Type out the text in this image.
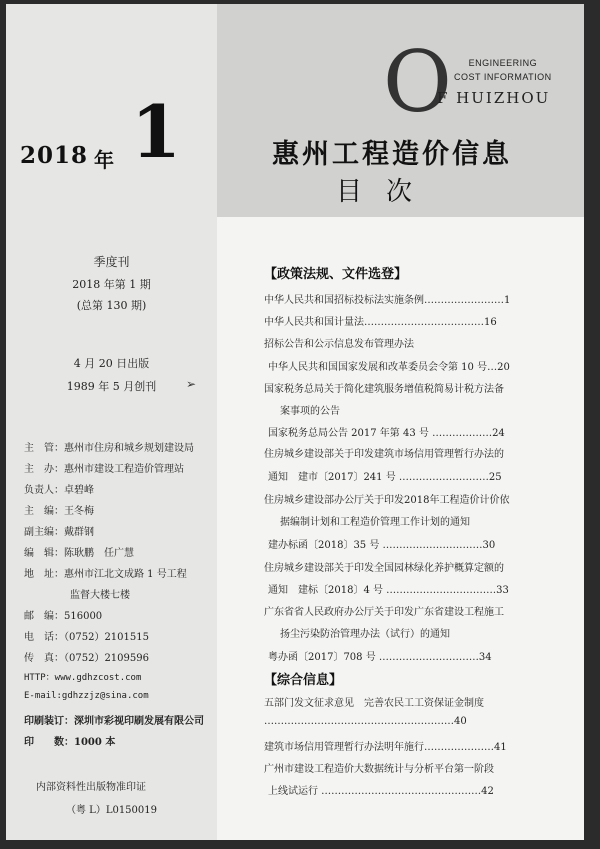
2018 年 1
O	ENGINEERING
COST INFORMATION
F HUIZHOU
惠州工程造价信息
目次
季度刊
2018 年第 1 期
(总第 130 期)
4 月 20 日出版
1989 年 5 月创刊	➢
主　管：惠州市住房和城乡规划建设局
主　办：惠州市建设工程造价管理站
负责人：卓碧峰
主　编：王冬梅
副主编：戴群钢
编　辑：陈耿鹏　任广慧
地　址：惠州市江北文成路 1 号工程
监督大楼七楼
邮　编：516000
电　话：（0752）2101515
传　真：（0752）2109596
HTTP：www.gdhzcost.com
E-mail:gdhzzjz@sina.com
印刷装订：深圳市彩视印刷发展有限公司
印　　数：1000 本
内部资料性出版物准印证
（粤 L）L0150019
【政策法规、文件选登】
中华人民共和国招标投标法实施条例……………………1
中华人民共和国计量法………………………………16
招标公告和公示信息发布管理办法
中华人民共和国国家发展和改革委员会令第 10 号…20
国家税务总局关于简化建筑服务增值税简易计税方法备
案事项的公告
国家税务总局公告 2017 年第 43 号 ………………24
住房城乡建设部关于印发建筑市场信用管理暂行办法的
通知　建市〔2017〕241 号 ………………………25
住房城乡建设部办公厅关于印发2018年工程造价计价依
据编制计划和工程造价管理工作计划的通知
建办标函〔2018〕35 号 …………………………30
住房城乡建设部关于印发全国园林绿化养护概算定额的
通知　建标〔2018〕4 号 ……………………………33
广东省省人民政府办公厅关于印发广东省建设工程施工
扬尘污染防治管理办法（试行）的通知
粤办函〔2017〕708 号 …………………………34
【综合信息】
五部门发文征求意见　完善农民工工资保证金制度
…………………………………………………40
建筑市场信用管理暂行办法明年施行…………………41
广州市建设工程造价大数据统计与分析平台第一阶段
上线试运行 …………………………………………42
